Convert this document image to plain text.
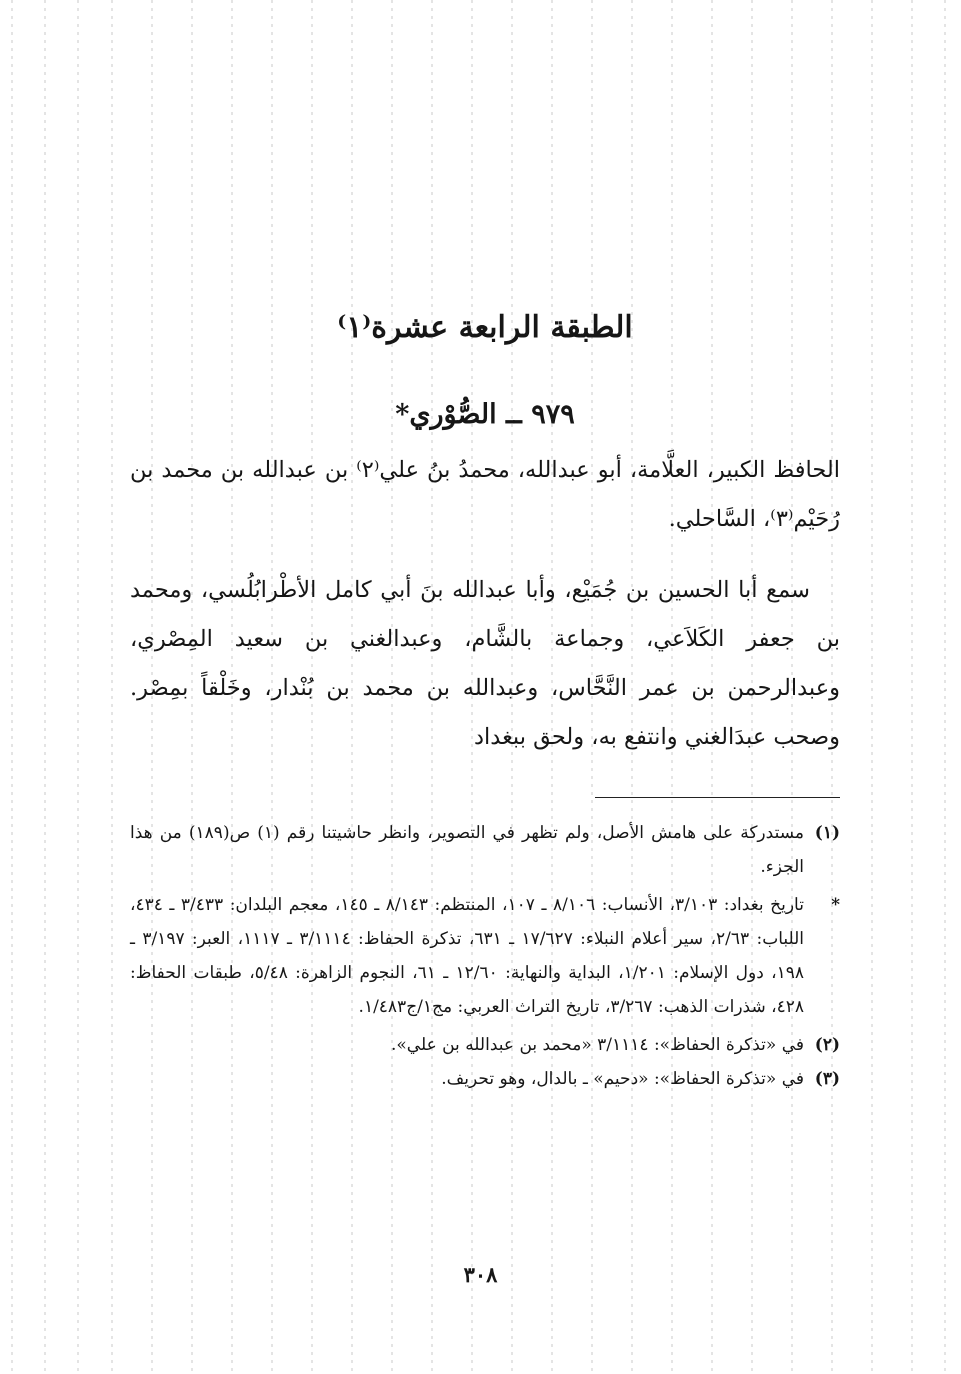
الطبقة الرابعة عشرة⁽١⁾
٩٧٩ ــ الصُّوْري*

الحافظ الكبير، العلَّامة، أبو عبدالله، محمدُ بنُ علي⁽٢⁾ بن عبدالله بن محمد بن رُحَيْم⁽٣⁾، السَّاحلي.

سمع أبا الحسين بن جُمَيْع، وأبا عبدالله بنَ أبي كامل الأطْرابُلُسي، ومحمد بن جعفر الكَلاَعي، وجماعة بالشَّام، وعبدالغني بن سعيد المِصْري، وعبدالرحمن بن عمر النَّحَّاس، وعبدالله بن محمد بن بُنْدار، وخَلْقاً بمِصْر. وصحب عبدَالغني وانتفع به، ولحق ببغداد

(١)
مستدركة على هامش الأصل، ولم تظهر في التصوير، وانظر حاشيتنا رقم (١) ص(١٨٩) من هذا الجزء.
*
تاريخ بغداد: ٣/١٠٣، الأنساب: ٨/١٠٦ ـ ١٠٧، المنتظم: ٨/١٤٣ ـ ١٤٥، معجم البلدان: ٣/٤٣٣ ـ ٤٣٤، اللباب: ٢/٦٣، سير أعلام النبلاء: ١٧/٦٢٧ ـ ٦٣١، تذكرة الحفاظ: ٣/١١١٤ ـ ١١١٧، العبر: ٣/١٩٧ ـ ١٩٨، دول الإسلام: ١/٢٠١، البداية والنهاية: ١٢/٦٠ ـ ٦١، النجوم الزاهرة: ٥/٤٨، طبقات الحفاظ: ٤٢٨، شذرات الذهب: ٣/٢٦٧، تاريخ التراث العربي: مج١/ج١/٤٨٣.
(٢)
في «تذكرة الحفاظ»: ٣/١١١٤ «محمد بن عبدالله بن علي».
(٣)
في «تذكرة الحفاظ»: «دحيم» ـ بالدال، وهو تحريف.
٣٠٨
